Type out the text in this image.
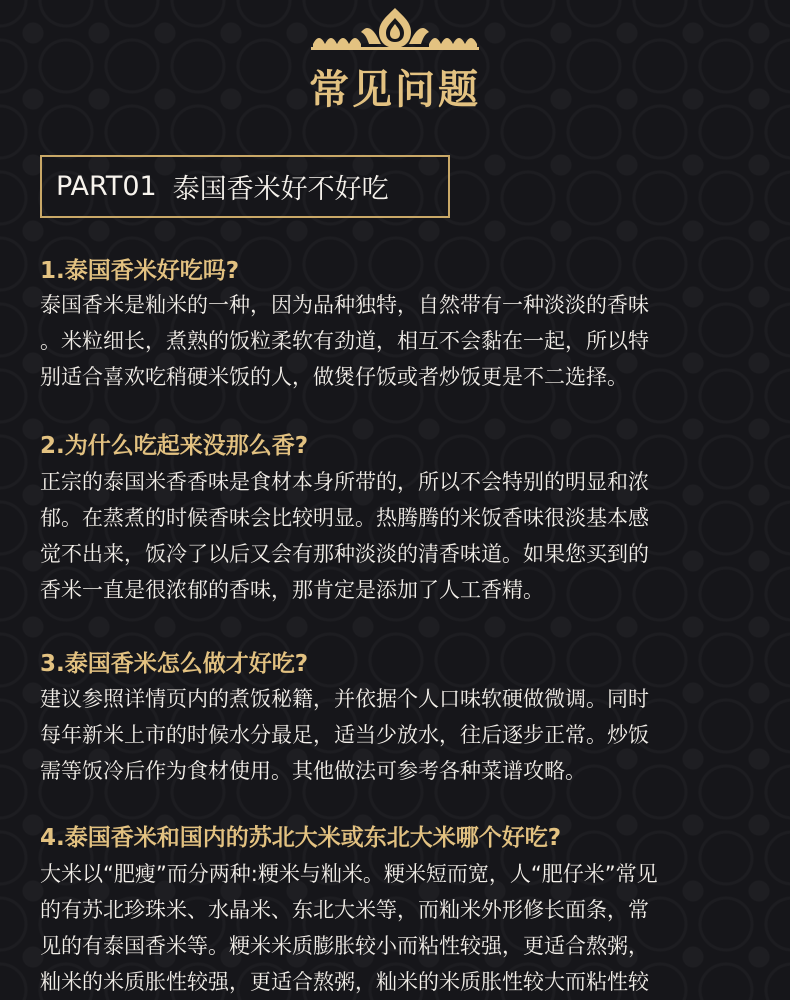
常见问题
PART01 泰国香米好不好吃
1.泰国香米好吃吗?
泰国香米是籼米的一种，因为品种独特，自然带有一种淡淡的香味
。米粒细长，煮熟的饭粒柔软有劲道，相互不会黏在一起，所以特
别适合喜欢吃稍硬米饭的人，做煲仔饭或者炒饭更是不二选择。
2.为什么吃起来没那么香?
正宗的泰国米香香味是食材本身所带的，所以不会特别的明显和浓
郁。在蒸煮的时候香味会比较明显。热腾腾的米饭香味很淡基本感
觉不出来，饭冷了以后又会有那种淡淡的清香味道。如果您买到的
香米一直是很浓郁的香味，那肯定是添加了人工香精。
3.泰国香米怎么做才好吃?
建议参照详情页内的煮饭秘籍，并依据个人口味软硬做微调。同时
每年新米上市的时候水分最足，适当少放水，往后逐步正常。炒饭
需等饭冷后作为食材使用。其他做法可参考各种菜谱攻略。
4.泰国香米和国内的苏北大米或东北大米哪个好吃?
大米以“肥瘦”而分两种:粳米与籼米。粳米短而宽，人“肥仔米”常见
的有苏北珍珠米、水晶米、东北大米等，而籼米外形修长面条，常
见的有泰国香米等。粳米米质膨胀较小而粘性较强，更适合熬粥，
籼米的米质胀性较强，更适合熬粥，籼米的米质胀性较大而粘性较
